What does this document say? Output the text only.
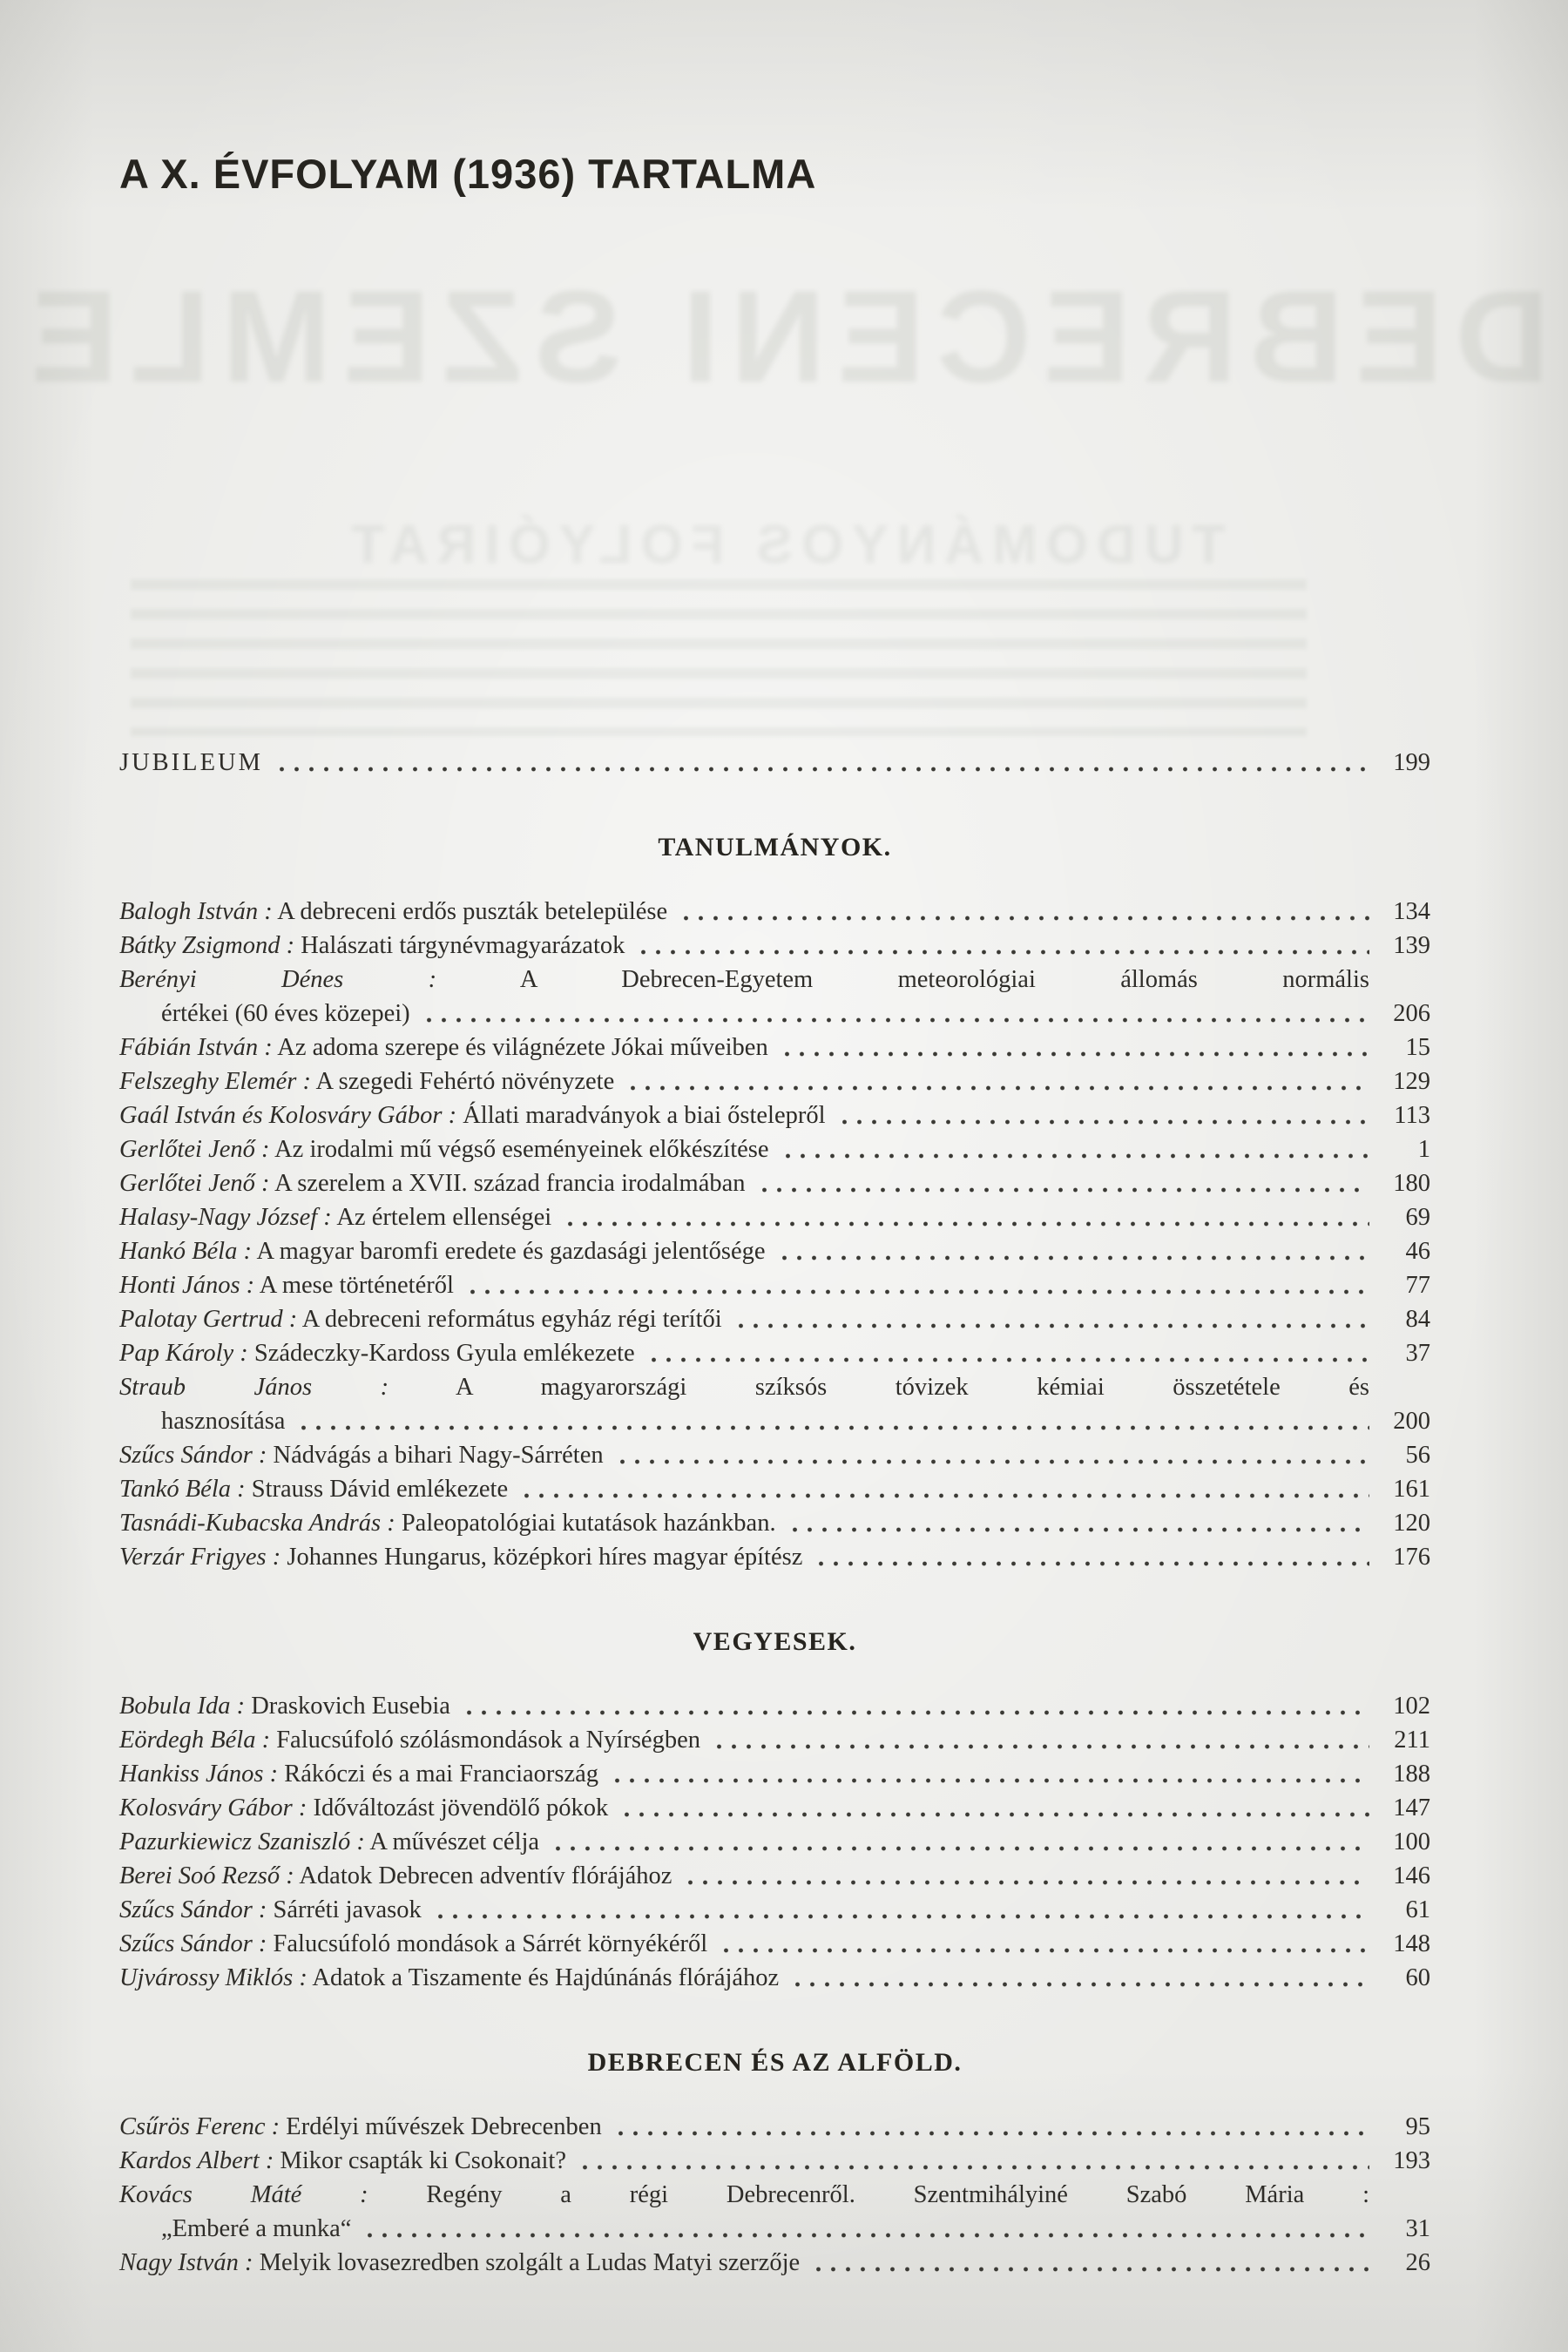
DEBRECENI SZEMLE
TUDOMÁNYOS FOLYÓIRAT
A X. ÉVFOLYAM (1936) TARTALMA
JUBILEUM	199
TANULMÁNYOK.
Balogh István : A debreceni erdős puszták betelepülése	134
Bátky Zsigmond : Halászati tárgynévmagyarázatok	139
Berényi Dénes : A Debrecen-Egyetem meteorológiai állomás normális
értékei (60 éves közepei)	206
Fábián István : Az adoma szerepe és világnézete Jókai műveiben	15
Felszeghy Elemér : A szegedi Fehértó növényzete	129
Gaál István és Kolosváry Gábor : Állati maradványok a biai őstelepről	113
Gerlőtei Jenő : Az irodalmi mű végső eseményeinek előkészítése	1
Gerlőtei Jenő : A szerelem a XVII. század francia irodalmában	180
Halasy-Nagy József : Az értelem ellenségei	69
Hankó Béla : A magyar baromfi eredete és gazdasági jelentősége	46
Honti János : A mese történetéről	77
Palotay Gertrud : A debreceni református egyház régi terítői	84
Pap Károly : Szádeczky-Kardoss Gyula emlékezete	37
Straub János : A magyarországi szíksós tóvizek kémiai összetétele és
hasznosítása	200
Szűcs Sándor : Nádvágás a bihari Nagy-Sárréten	56
Tankó Béla : Strauss Dávid emlékezete	161
Tasnádi-Kubacska András : Paleopatológiai kutatások hazánkban.	120
Verzár Frigyes : Johannes Hungarus, középkori híres magyar építész	176
VEGYESEK.
Bobula Ida : Draskovich Eusebia	102
Eördegh Béla : Falucsúfoló szólásmondások a Nyírségben	211
Hankiss János : Rákóczi és a mai Franciaország	188
Kolosváry Gábor : Időváltozást jövendölő pókok	147
Pazurkiewicz Szaniszló : A művészet célja	100
Berei Soó Rezső : Adatok Debrecen adventív flórájához	146
Szűcs Sándor : Sárréti javasok	61
Szűcs Sándor : Falucsúfoló mondások a Sárrét környékéről	148
Ujvárossy Miklós : Adatok a Tiszamente és Hajdúnánás flórájához	60
DEBRECEN ÉS AZ ALFÖLD.
Csűrös Ferenc : Erdélyi művészek Debrecenben	95
Kardos Albert : Mikor csapták ki Csokonait?	193
Kovács Máté : Regény a régi Debrecenről. Szentmihályiné Szabó Mária :
„Emberé a munka“	31
Nagy István : Melyik lovasezredben szolgált a Ludas Matyi szerzője	26
